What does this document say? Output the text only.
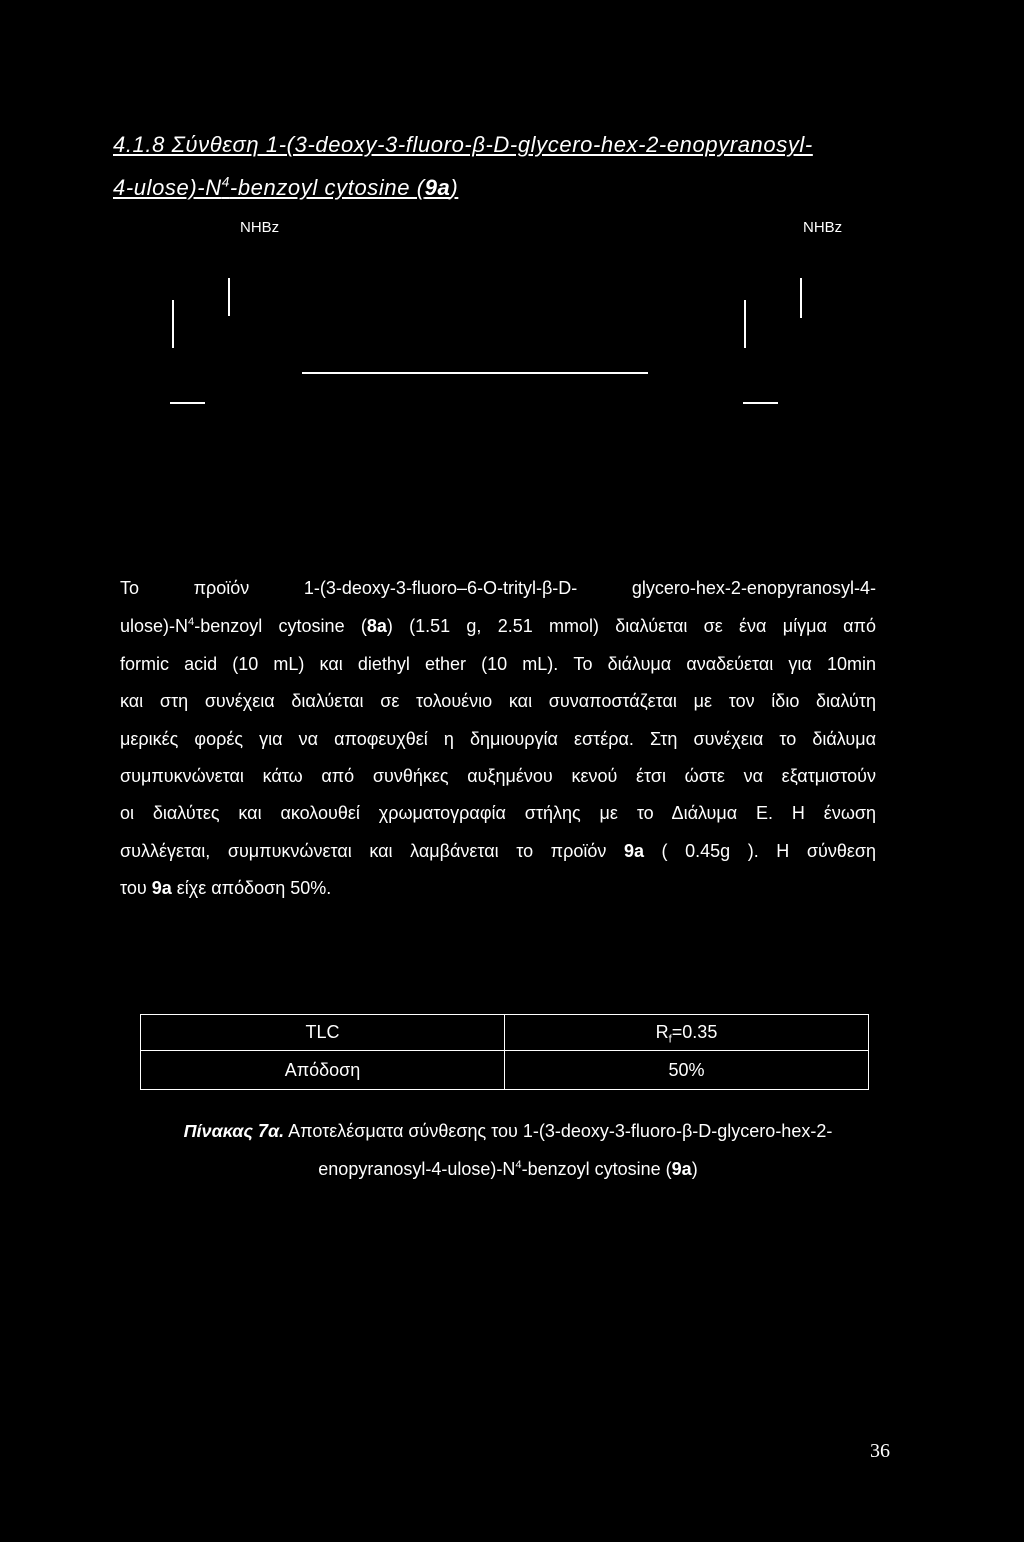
4.1.8 Σύνθεση 1-(3-deoxy-3-fluoro-β-D-glycero-hex-2-enopyranosyl-
$4-ulose)-N^4$-benzoyl cytosine (9a)
NHBz	NHBz
Το προϊόν 1-(3-deoxy-3-fluoro–6-O-trityl-β-D- glycero-hex-2-enopyranosyl-4-
$ulose)-N^4$-benzoyl cytosine (8a) (1.51 g, 2.51 mmol) διαλύεται σε ένα μίγμα από
formic acid (10 mL) και diethyl ether (10 mL). Το διάλυμα αναδεύεται για 10min
και στη συνέχεια διαλύεται σε τολουένιο και συναποστάζεται με τον ίδιο διαλύτη
μερικές φορές για να αποφευχθεί η δημιουργία εστέρα. Στη συνέχεια το διάλυμα
συμπυκνώνεται κάτω από συνθήκες αυξημένου κενού έτσι ώστε να εξατμιστούν
οι διαλύτες και ακολουθεί χρωματογραφία στήλης με το Διάλυμα Ε. Η ένωση
συλλέγεται, συμπυκνώνεται και λαμβάνεται το προϊόν 9a ( 0.45g ). Η σύνθεση
του 9a είχε απόδοση 50%.
TLC	$R_f=0.35$
Απόδοση	50%
Πίνακας 7α. Αποτελέσματα σύνθεσης του 1-(3-deoxy-3-fluoro-β-D-glycero-hex-2-
enopyranosyl-$4-ulose)-N^4$-benzoyl cytosine (9a)
36
